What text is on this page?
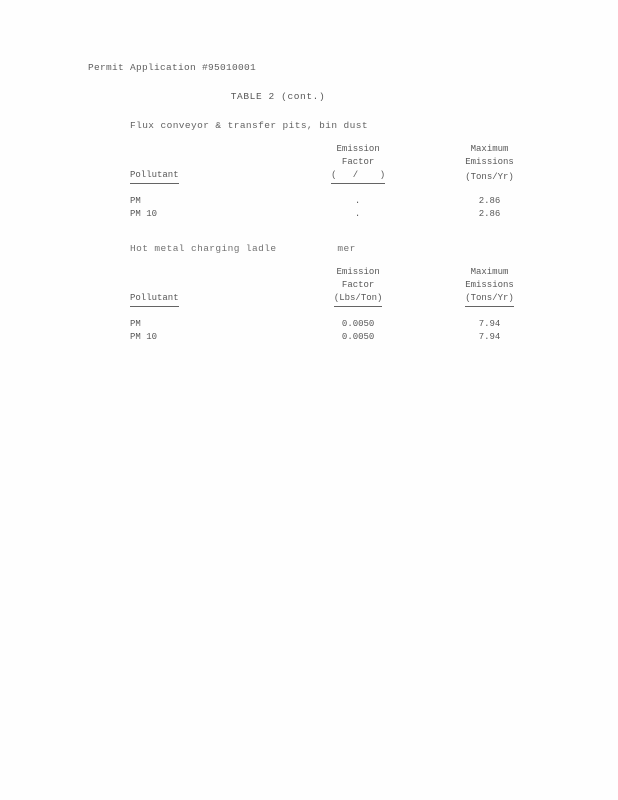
Permit Application #95010001
TABLE 2 (cont.)
Flux conveyor & transfer pits, bin dust
	Emission	Maximum
	Factor	Emissions
Pollutant	(   /    )	(Tons/Yr)

PM	.	2.86
PM 10	.	2.86
Hot metal charging ladle          mer
	Emission	Maximum
	Factor	Emissions
Pollutant	(Lbs/Ton)	(Tons/Yr)

PM	0.0050	7.94
PM 10	0.0050	7.94
